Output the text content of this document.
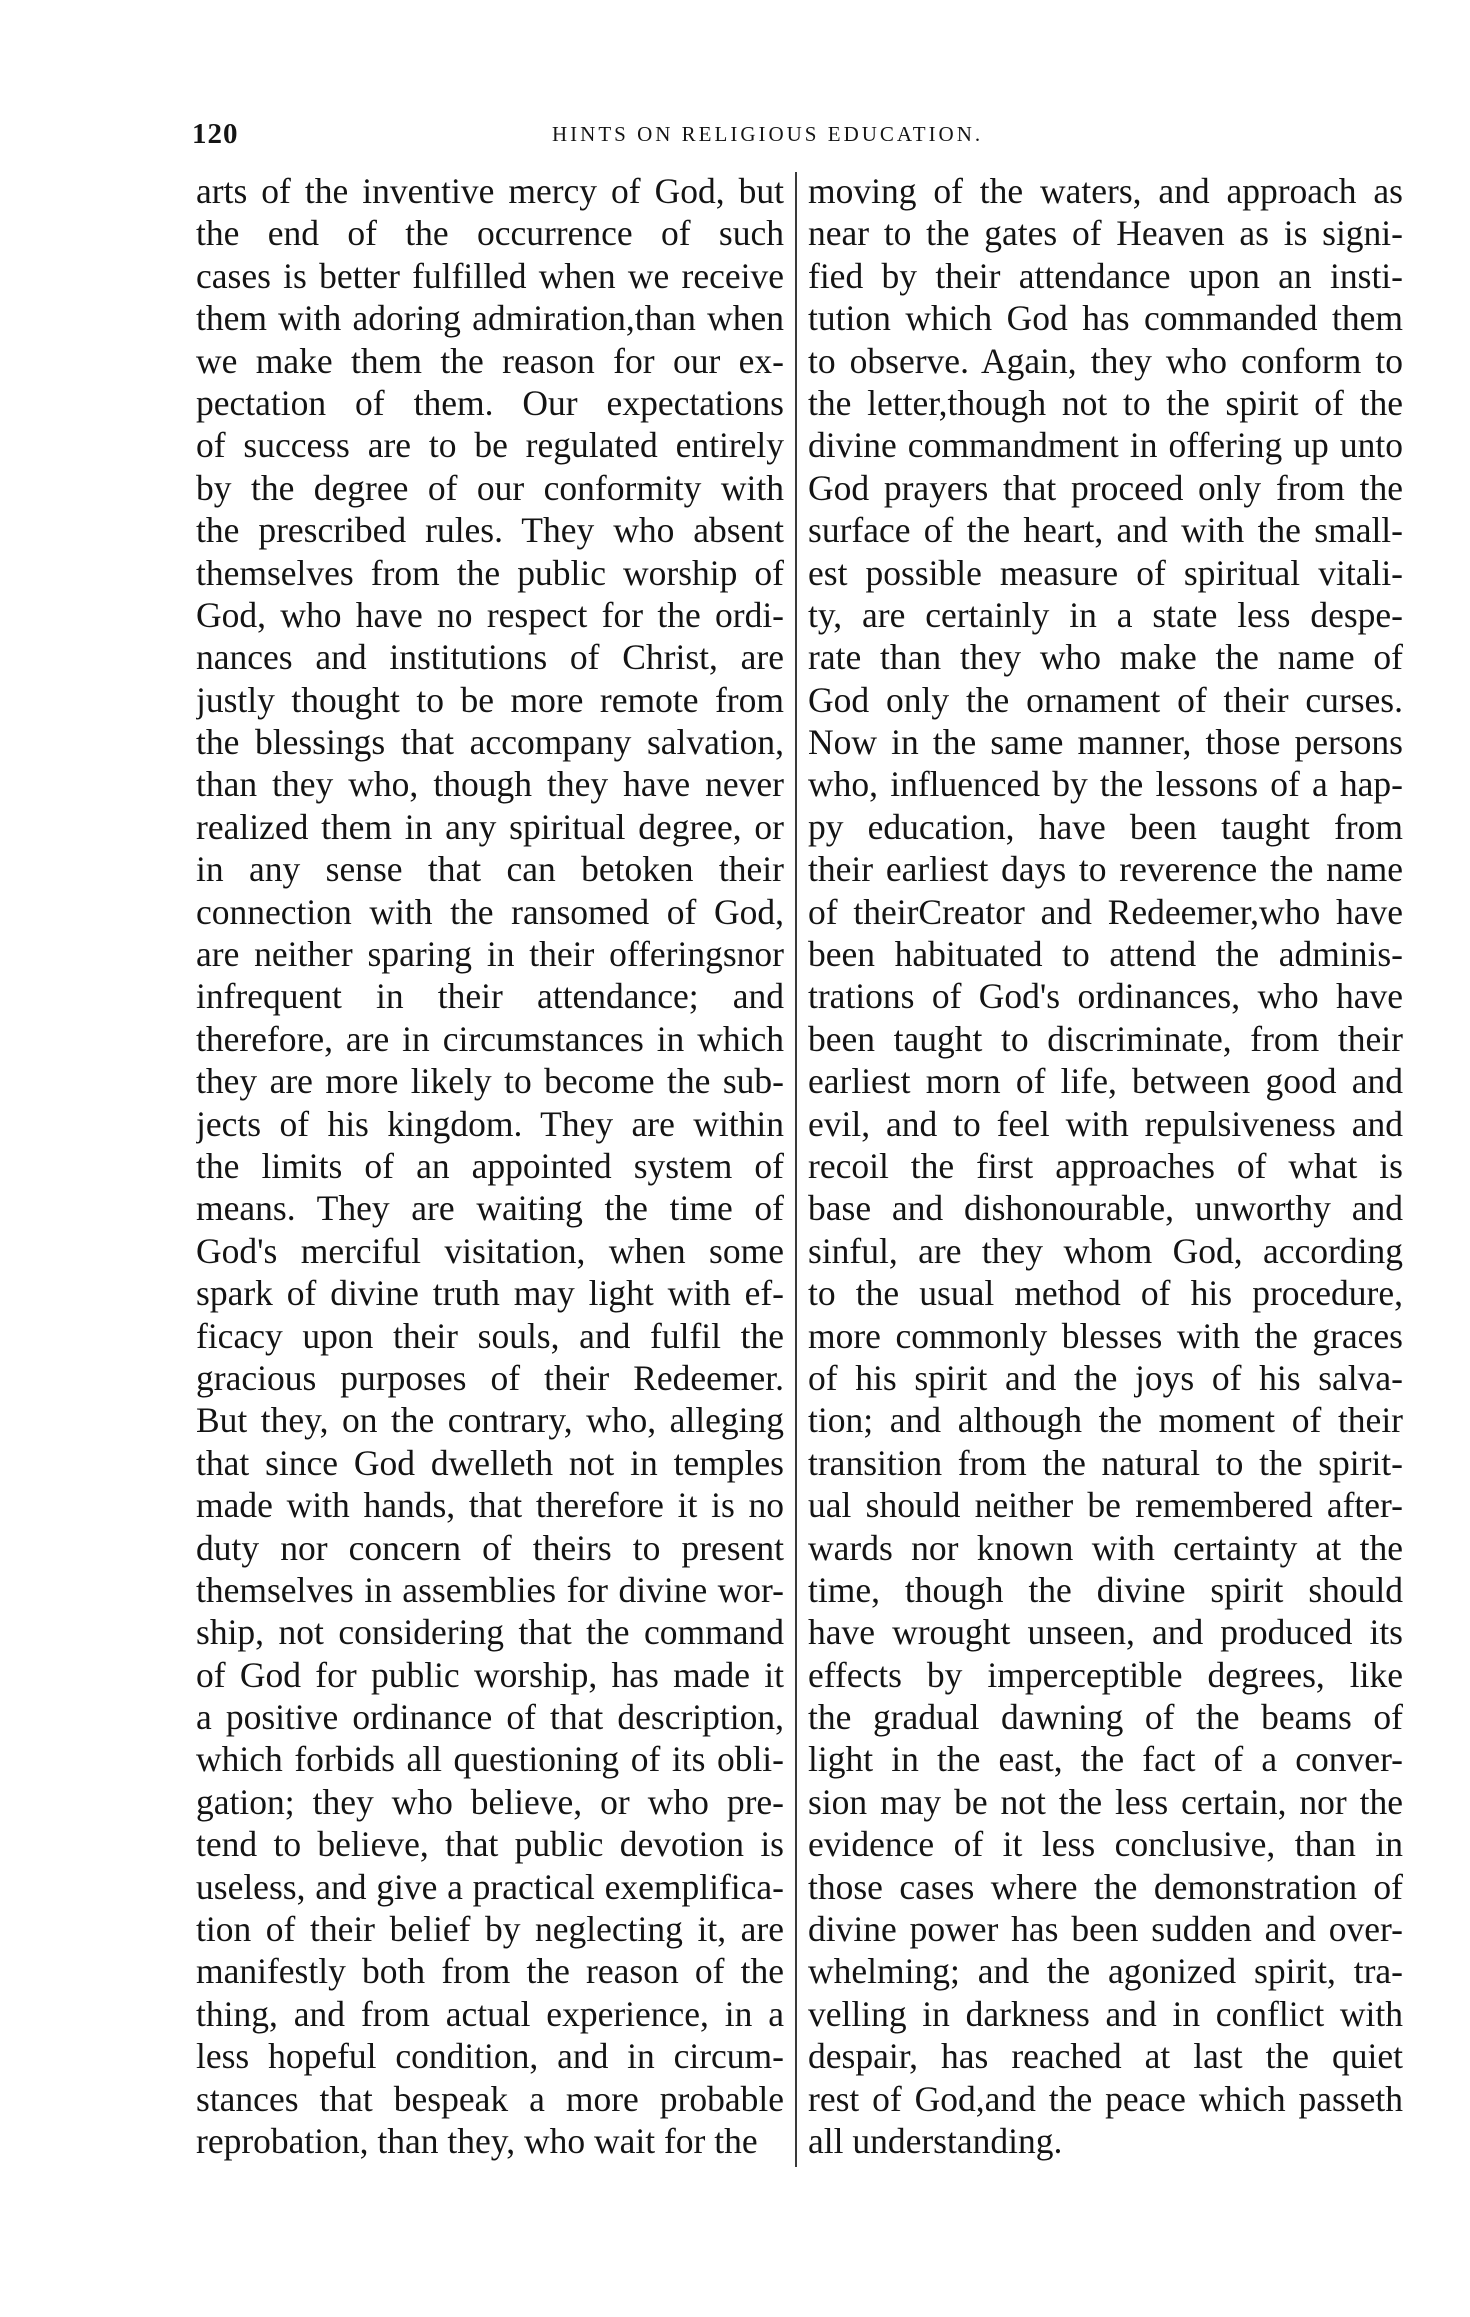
120	HINTS ON RELIGIOUS EDUCATION.
arts of the inventive mercy of God, but
the end of the occurrence of such
cases is better fulfilled when we receive
them with adoring admiration,than when
we make them the reason for our ex-
pectation of them. Our expectations
of success are to be regulated entirely
by the degree of our conformity with
the prescribed rules. They who absent
themselves from the public worship of
God, who have no respect for the ordi-
nances and institutions of Christ, are
justly thought to be more remote from
the blessings that accompany salvation,
than they who, though they have never
realized them in any spiritual degree, or
in any sense that can betoken their
connection with the ransomed of God,
are neither sparing in their offeringsnor
infrequent in their attendance; and
therefore, are in circumstances in which
they are more likely to become the sub-
jects of his kingdom. They are within
the limits of an appointed system of
means. They are waiting the time of
God's merciful visitation, when some
spark of divine truth may light with ef-
ficacy upon their souls, and fulfil the
gracious purposes of their Redeemer.
But they, on the contrary, who, alleging
that since God dwelleth not in temples
made with hands, that therefore it is no
duty nor concern of theirs to present
themselves in assemblies for divine wor-
ship, not considering that the command
of God for public worship, has made it
a positive ordinance of that description,
which forbids all questioning of its obli-
gation; they who believe, or who pre-
tend to believe, that public devotion is
useless, and give a practical exemplifica-
tion of their belief by neglecting it, are
manifestly both from the reason of the
thing, and from actual experience, in a
less hopeful condition, and in circum-
stances that bespeak a more probable
reprobation, than they, who wait for the
moving of the waters, and approach as
near to the gates of Heaven as is signi-
fied by their attendance upon an insti-
tution which God has commanded them
to observe. Again, they who conform to
the letter,though not to the spirit of the
divine commandment in offering up unto
God prayers that proceed only from the
surface of the heart, and with the small-
est possible measure of spiritual vitali-
ty, are certainly in a state less despe-
rate than they who make the name of
God only the ornament of their curses.
Now in the same manner, those persons
who, influenced by the lessons of a hap-
py education, have been taught from
their earliest days to reverence the name
of theirCreator and Redeemer,who have
been habituated to attend the adminis-
trations of God's ordinances, who have
been taught to discriminate, from their
earliest morn of life, between good and
evil, and to feel with repulsiveness and
recoil the first approaches of what is
base and dishonourable, unworthy and
sinful, are they whom God, according
to the usual method of his procedure,
more commonly blesses with the graces
of his spirit and the joys of his salva-
tion; and although the moment of their
transition from the natural to the spirit-
ual should neither be remembered after-
wards nor known with certainty at the
time, though the divine spirit should
have wrought unseen, and produced its
effects by imperceptible degrees, like
the gradual dawning of the beams of
light in the east, the fact of a conver-
sion may be not the less certain, nor the
evidence of it less conclusive, than in
those cases where the demonstration of
divine power has been sudden and over-
whelming; and the agonized spirit, tra-
velling in darkness and in conflict with
despair, has reached at last the quiet
rest of God,and the peace which passeth
all understanding.
